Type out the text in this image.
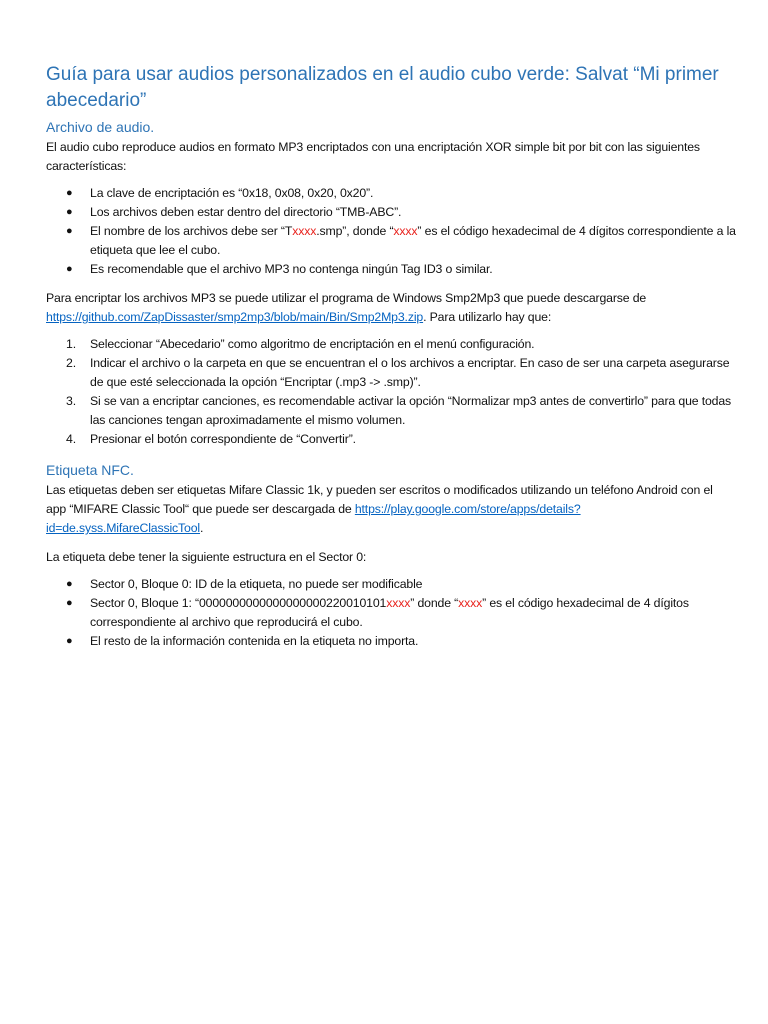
Guía para usar audios personalizados en el audio cubo verde: Salvat “Mi primer abecedario”
Archivo de audio.

El audio cubo reproduce audios en formato MP3 encriptados con una encriptación XOR simple bit por bit con las siguientes características:

● La clave de encriptación es “0x18, 0x08, 0x20, 0x20”.
● Los archivos deben estar dentro del directorio “TMB-ABC”.
● El nombre de los archivos debe ser “Txxxx.smp”, donde “xxxx” es el código hexadecimal de 4 dígitos correspondiente a la etiqueta que lee el cubo.
● Es recomendable que el archivo MP3 no contenga ningún Tag ID3 o similar.

Para encriptar los archivos MP3 se puede utilizar el programa de Windows Smp2Mp3 que puede descargarse de https://github.com/ZapDissaster/smp2mp3/blob/main/Bin/Smp2Mp3.zip. Para utilizarlo hay que:

1. Seleccionar “Abecedario” como algoritmo de encriptación en el menú configuración.
2. Indicar el archivo o la carpeta en que se encuentran el o los archivos a encriptar. En caso de ser una carpeta asegurarse de que esté seleccionada la opción “Encriptar (.mp3 -> .smp)”.
3. Si se van a encriptar canciones, es recomendable activar la opción “Normalizar mp3 antes de convertirlo” para que todas las canciones tengan aproximadamente el mismo volumen.
4. Presionar el botón correspondiente de “Convertir”.
Etiqueta NFC.

Las etiquetas deben ser etiquetas Mifare Classic 1k, y pueden ser escritos o modificados utilizando un teléfono Android con el app “MIFARE Classic Tool“ que puede ser descargada de https://play.google.com/store/apps/details?id=de.syss.MifareClassicTool.

La etiqueta debe tener la siguiente estructura en el Sector 0:

● Sector 0, Bloque 0: ID de la etiqueta, no puede ser modificable
● Sector 0, Bloque 1: “0000000000000000000220010101xxxx” donde “xxxx” es el código hexadecimal de 4 dígitos correspondiente al archivo que reproducirá el cubo.
● El resto de la información contenida en la etiqueta no importa.
